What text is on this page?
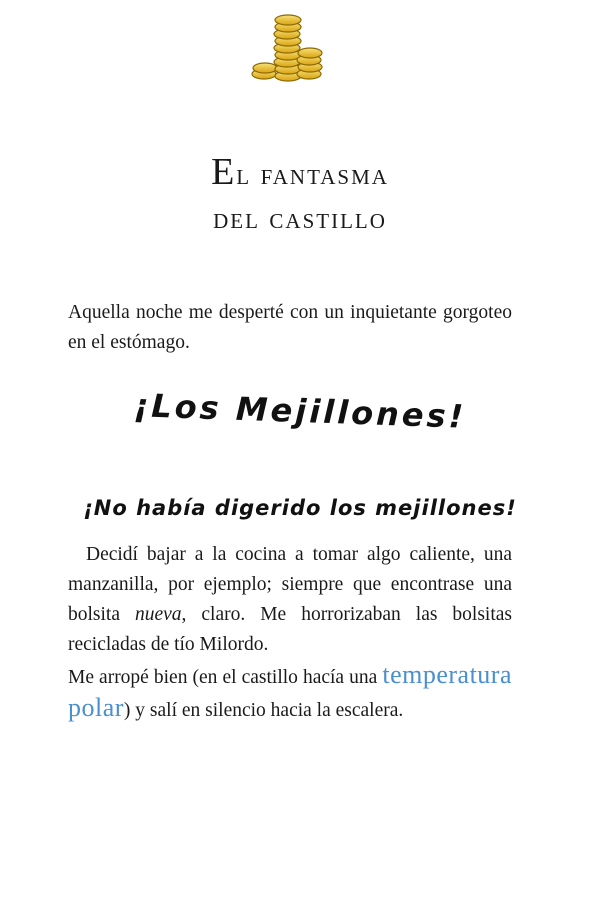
El fantasma
del castillo
Aquella noche me desperté con un inquietante gorgoteo en el estómago.
¡Los Mejillones!
¡No había digerido los mejillones!
Decidí bajar a la cocina a tomar algo caliente, una manzanilla, por ejemplo; siempre que encontrase una bolsita nueva, claro. Me horrorizaban las bolsitas recicladas de tío Milordo.
Me arropé bien (en el castillo hacía una temperatura polar) y salí en silencio hacia la escalera.
